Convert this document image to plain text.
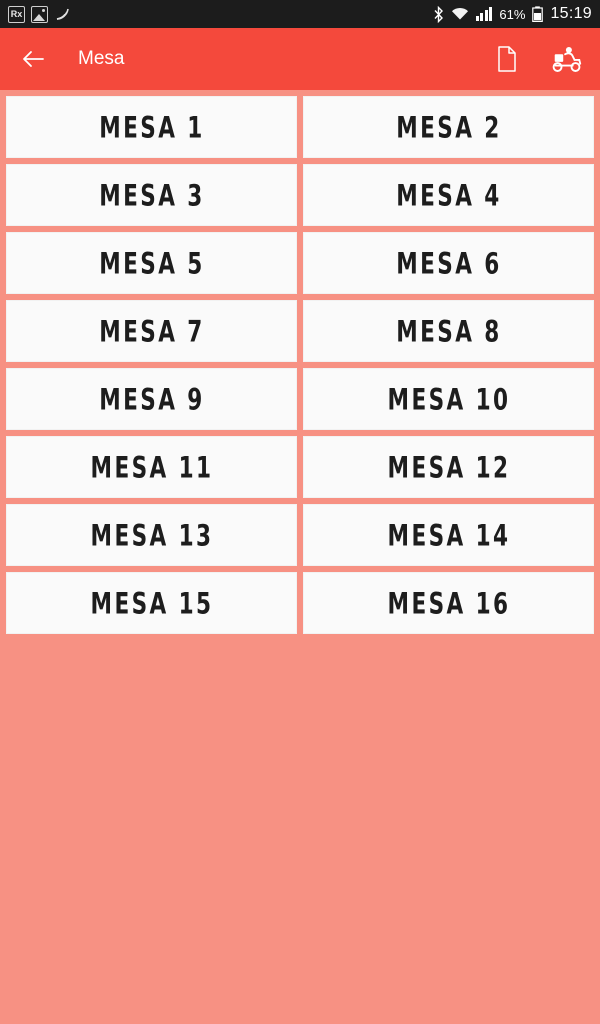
Rx	61% 15:19
Mesa
MESA 1	MESA 2
MESA 3	MESA 4
MESA 5	MESA 6
MESA 7	MESA 8
MESA 9	MESA 10
MESA 11	MESA 12
MESA 13	MESA 14
MESA 15	MESA 16
